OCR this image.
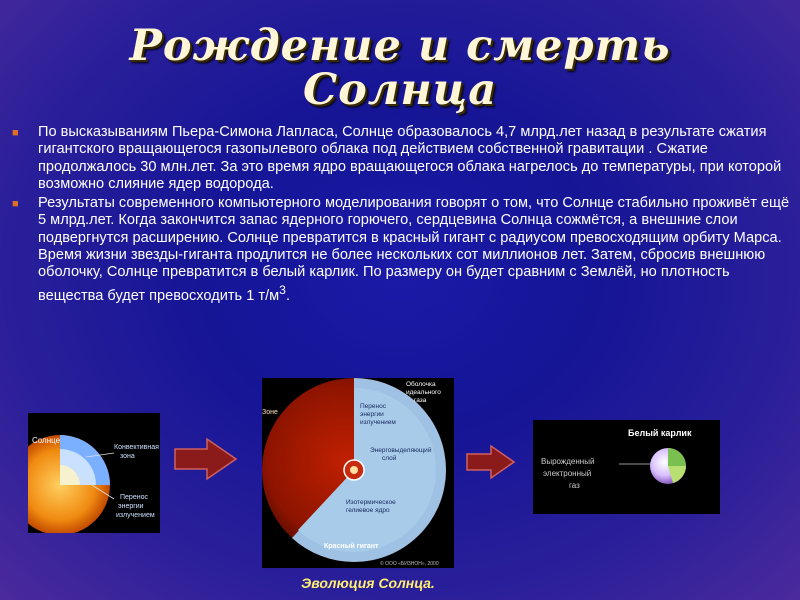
Рождение и смерть
Солнца

■ По высказываниям Пьера-Симона Лапласа, Солнце образовалось 4,7 млрд.лет назад в результате сжатия гигантского вращающегося газопылевого облака под действием собственной гравитации . Сжатие продолжалось 30 млн.лет. За это время ядро вращающегося облака нагрелось до температуры, при которой возможно слияние ядер водорода.

■ Результаты современного компьютерного моделирования говорят о том, что Солнце стабильно проживёт ещё 5 млрд.лет. Когда закончится запас ядерного горючего, сердцевина Солнца сожмётся, а внешние слои подвергнутся расширению. Солнце превратится в красный гигант с радиусом превосходящим орбиту Марса. Время жизни звезды-гиганта продлится не более нескольких сот миллионов лет. Затем, сбросив внешнюю оболочку, Солнце превратится в белый карлик. По размеру он будет сравним с Землёй, но плотность вещества будет превосходить 1 $т/м^3$.

Солнце
Конвективная
зона
Перенос
энергии
излучением
Зоне
Оболочка
идеального
газа
Перенос
энергии
излучением
Энерговыделяющий
слой
Изотермическое
гелиевое ядро
Красный гигант
© ООО «БИЗНОН», 2000
Белый карлик
Вырожденный
электронный
газ
Эволюция Солнца.
